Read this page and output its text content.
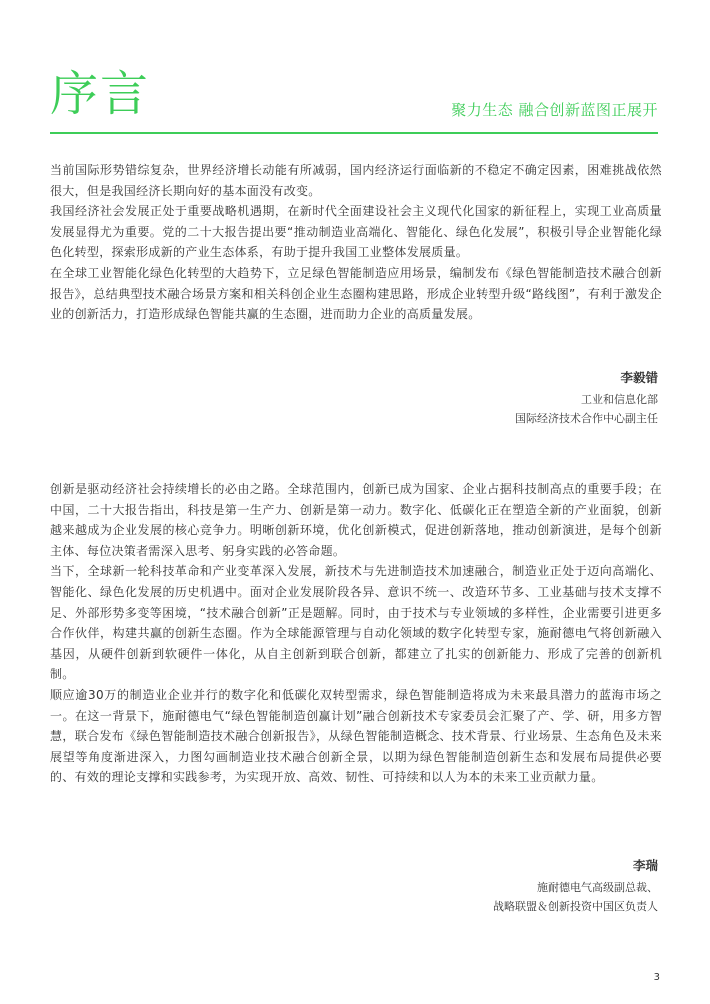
序言	聚力生态 融合创新蓝图正展开

当前国际形势错综复杂，世界经济增长动能有所减弱，国内经济运行面临新的不稳定不确定因素，困难挑战依然很大，但是我国经济长期向好的基本面没有改变。

我国经济社会发展正处于重要战略机遇期，在新时代全面建设社会主义现代化国家的新征程上，实现工业高质量发展显得尤为重要。党的二十大报告提出要“推动制造业高端化、智能化、绿色化发展”，积极引导企业智能化绿色化转型，探索形成新的产业生态体系，有助于提升我国工业整体发展质量。

在全球工业智能化绿色化转型的大趋势下，立足绿色智能制造应用场景，编制发布《绿色智能制造技术融合创新报告》，总结典型技术融合场景方案和相关科创企业生态圈构建思路，形成企业转型升级“路线图”，有利于激发企业的创新活力，打造形成绿色智能共赢的生态圈，进而助力企业的高质量发展。

李毅错
工业和信息化部
国际经济技术合作中心副主任

创新是驱动经济社会持续增长的必由之路。全球范围内，创新已成为国家、企业占据科技制高点的重要手段；在中国，二十大报告指出，科技是第一生产力、创新是第一动力。数字化、低碳化正在塑造全新的产业面貌，创新越来越成为企业发展的核心竞争力。明晰创新环境，优化创新模式，促进创新落地，推动创新演进，是每个创新主体、每位决策者需深入思考、躬身实践的必答命题。

当下，全球新一轮科技革命和产业变革深入发展，新技术与先进制造技术加速融合，制造业正处于迈向高端化、智能化、绿色化发展的历史机遇中。面对企业发展阶段各异、意识不统一、改造环节多、工业基础与技术支撑不足、外部形势多变等困境，“技术融合创新”正是题解。同时，由于技术与专业领域的多样性，企业需要引进更多合作伙伴，构建共赢的创新生态圈。作为全球能源管理与自动化领域的数字化转型专家，施耐德电气将创新融入基因，从硬件创新到软硬件一体化，从自主创新到联合创新，都建立了扎实的创新能力、形成了完善的创新机制。

顺应逾30万的制造业企业并行的数字化和低碳化双转型需求，绿色智能制造将成为未来最具潜力的蓝海市场之一。在这一背景下，施耐德电气“绿色智能制造创赢计划”融合创新技术专家委员会汇聚了产、学、研，用多方智慧，联合发布《绿色智能制造技术融合创新报告》，从绿色智能制造概念、技术背景、行业场景、生态角色及未来展望等角度渐进深入，力图勾画制造业技术融合创新全景，以期为绿色智能制造创新生态和发展布局提供必要的、有效的理论支撑和实践参考，为实现开放、高效、韧性、可持续和以人为本的未来工业贡献力量。

李瑞
施耐德电气高级副总裁、
战略联盟＆创新投资中国区负责人
3
